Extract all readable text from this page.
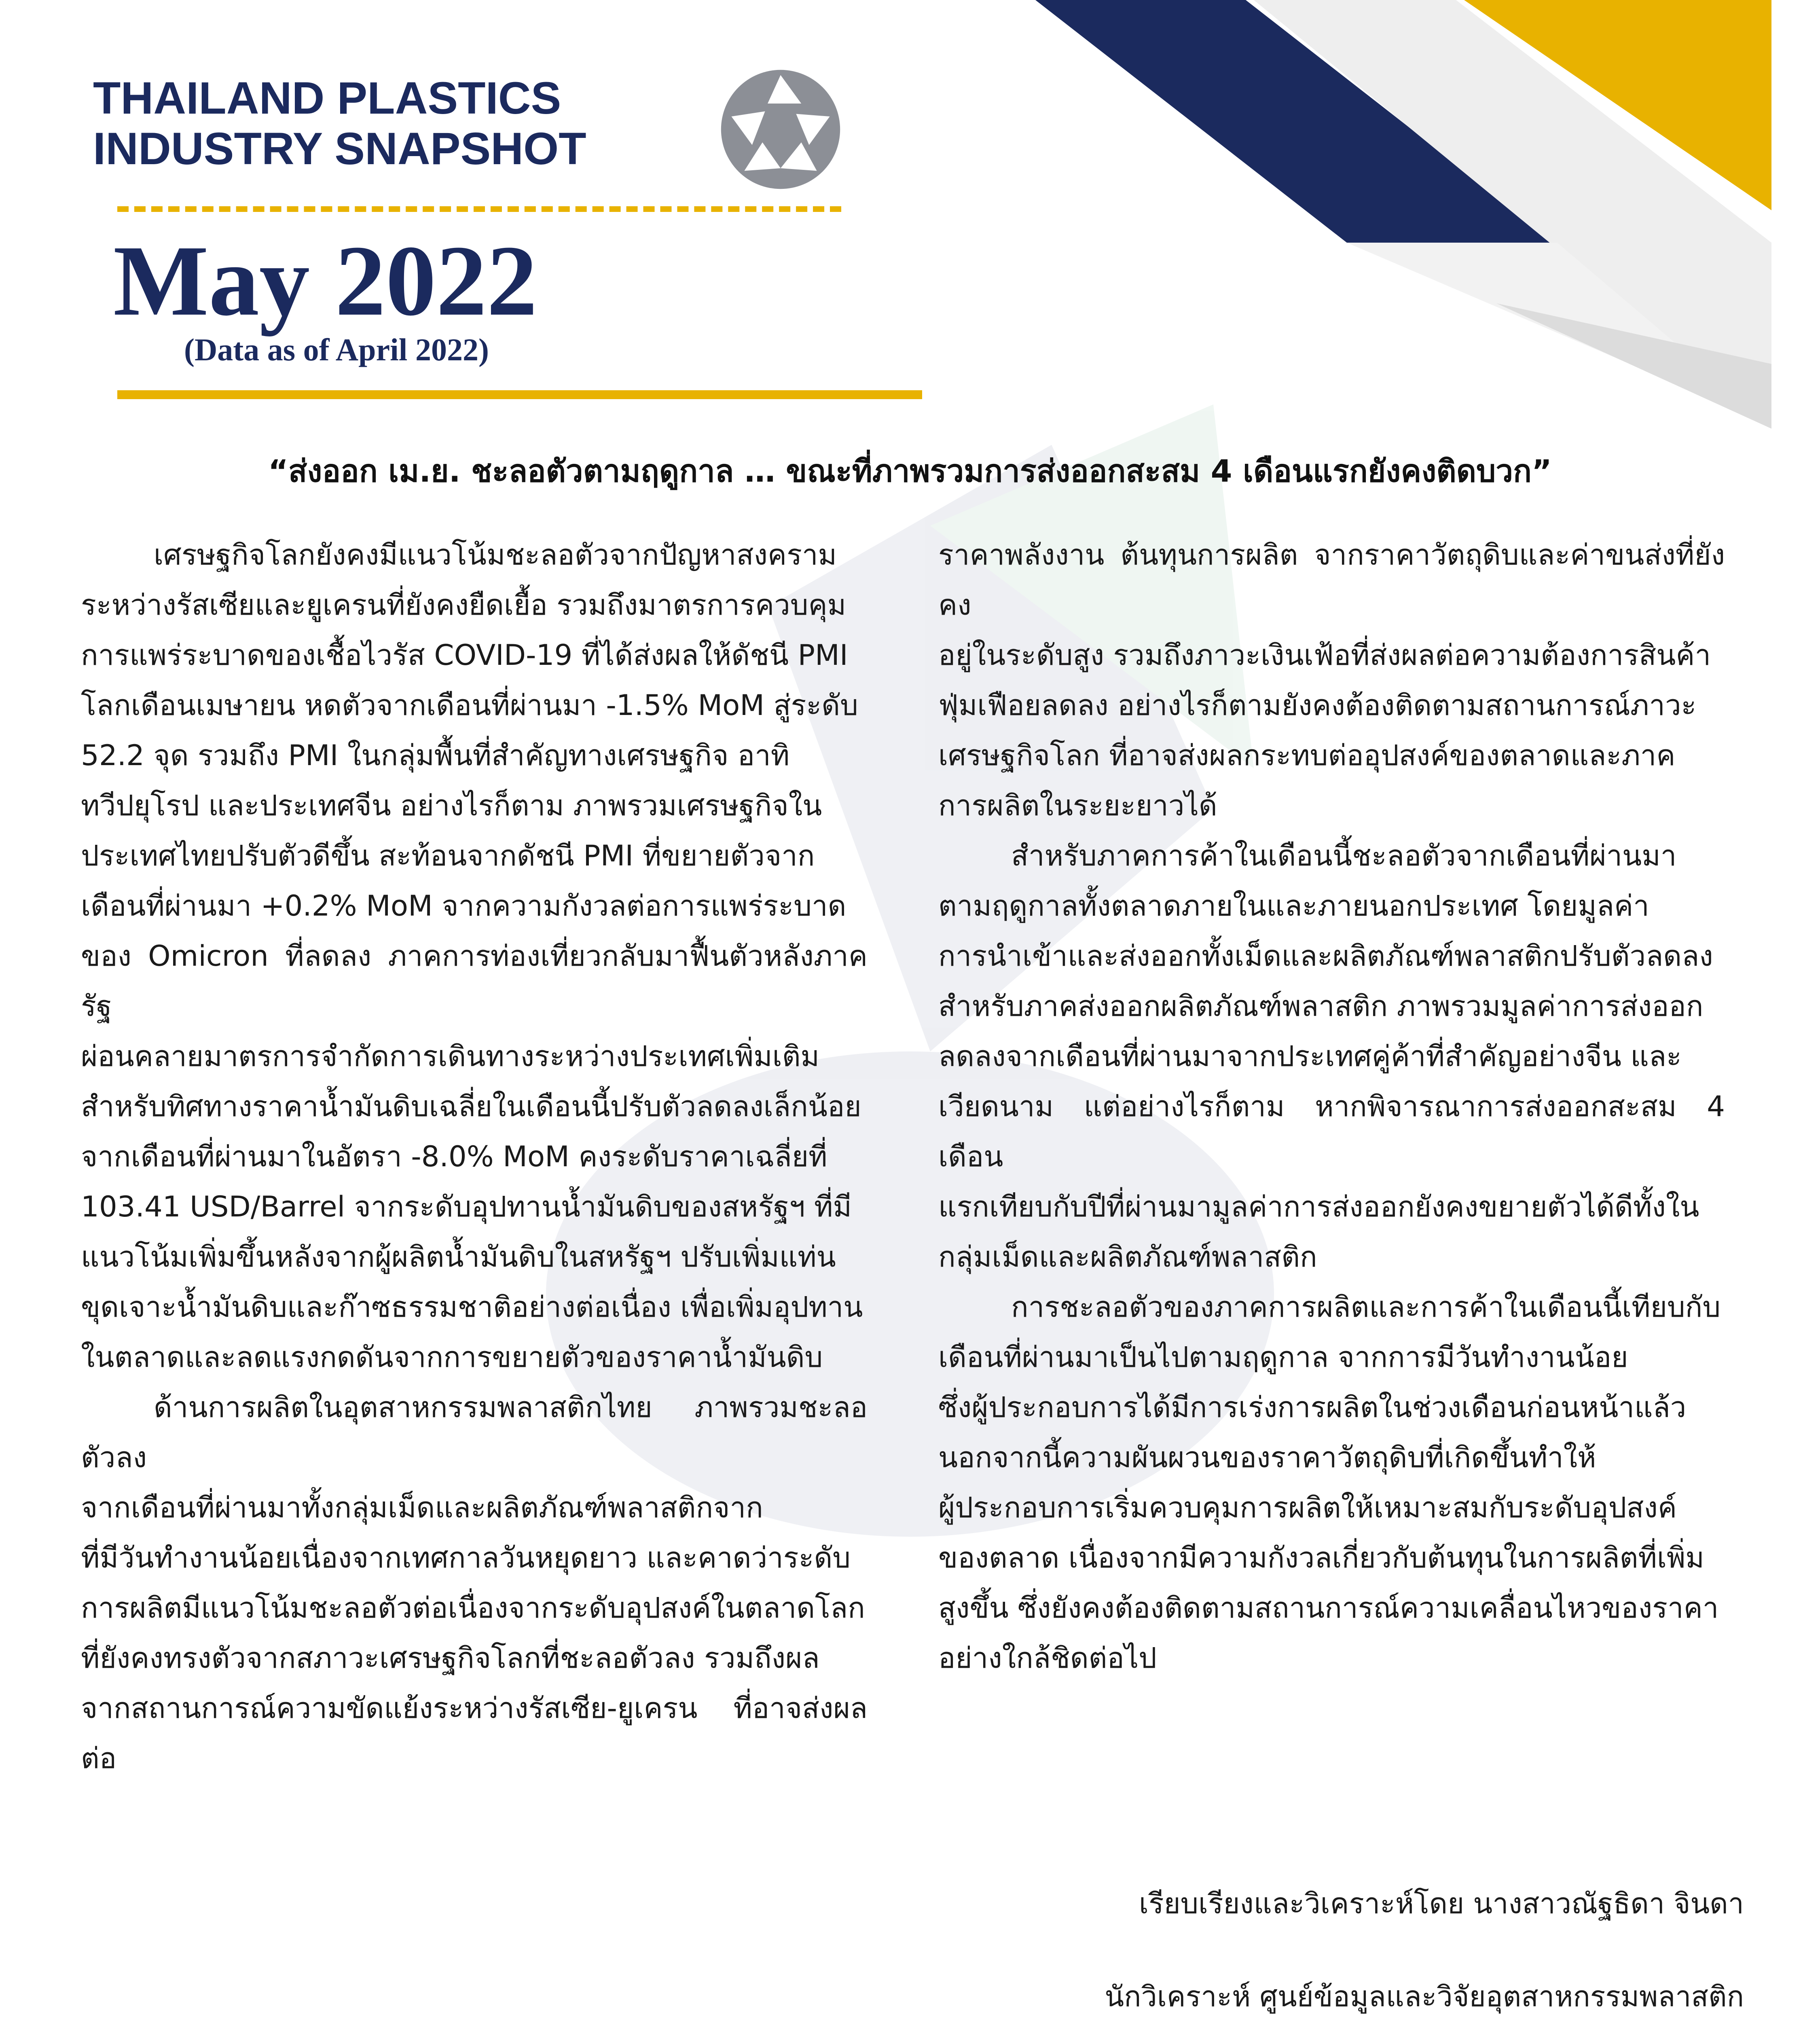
THAILAND PLASTICS
INDUSTRY SNAPSHOT
May 2022
(Data as of April 2022)
“ส่งออก เม.ย. ชะลอตัวตามฤดูกาล … ขณะที่ภาพรวมการส่งออกสะสม 4 เดือนแรกยังคงติดบวก”

เศรษฐกิจโลกยังคงมีแนวโน้มชะลอตัวจากปัญหาสงคราม
ระหว่างรัสเซียและยูเครนที่ยังคงยืดเยื้อ รวมถึงมาตรการควบคุม
การแพร่ระบาดของเชื้อไวรัส COVID-19 ที่ได้ส่งผลให้ดัชนี PMI
โลกเดือนเมษายน หดตัวจากเดือนที่ผ่านมา -1.5% MoM สู่ระดับ
52.2 จุด รวมถึง PMI ในกลุ่มพื้นที่สำคัญทางเศรษฐกิจ อาทิ
ทวีปยุโรป และประเทศจีน อย่างไรก็ตาม ภาพรวมเศรษฐกิจใน
ประเทศไทยปรับตัวดีขึ้น สะท้อนจากดัชนี PMI ที่ขยายตัวจาก
เดือนที่ผ่านมา +0.2% MoM จากความกังวลต่อการแพร่ระบาด
ของ Omicron ที่ลดลง ภาคการท่องเที่ยวกลับมาฟื้นตัวหลังภาครัฐ
ผ่อนคลายมาตรการจำกัดการเดินทางระหว่างประเทศเพิ่มเติม
สำหรับทิศทางราคาน้ำมันดิบเฉลี่ยในเดือนนี้ปรับตัวลดลงเล็กน้อย
จากเดือนที่ผ่านมาในอัตรา -8.0% MoM คงระดับราคาเฉลี่ยที่
103.41 USD/Barrel จากระดับอุปทานน้ำมันดิบของสหรัฐฯ ที่มี
แนวโน้มเพิ่มขึ้นหลังจากผู้ผลิตน้ำมันดิบในสหรัฐฯ ปรับเพิ่มแท่น
ขุดเจาะน้ำมันดิบและก๊าซธรรมชาติอย่างต่อเนื่อง เพื่อเพิ่มอุปทาน
ในตลาดและลดแรงกดดันจากการขยายตัวของราคาน้ำมันดิบ

ด้านการผลิตในอุตสาหกรรมพลาสติกไทย ภาพรวมชะลอตัวลง
จากเดือนที่ผ่านมาทั้งกลุ่มเม็ดและผลิตภัณฑ์พลาสติกจาก
ที่มีวันทำงานน้อยเนื่องจากเทศกาลวันหยุดยาว และคาดว่าระดับ
การผลิตมีแนวโน้มชะลอตัวต่อเนื่องจากระดับอุปสงค์ในตลาดโลก
ที่ยังคงทรงตัวจากสภาวะเศรษฐกิจโลกที่ชะลอตัวลง รวมถึงผล
จากสถานการณ์ความขัดแย้งระหว่างรัสเซีย-ยูเครน ที่อาจส่งผลต่อ

ราคาพลังงาน ต้นทุนการผลิต จากราคาวัตถุดิบและค่าขนส่งที่ยังคง
อยู่ในระดับสูง รวมถึงภาวะเงินเฟ้อที่ส่งผลต่อความต้องการสินค้า
ฟุ่มเฟือยลดลง อย่างไรก็ตามยังคงต้องติดตามสถานการณ์ภาวะ
เศรษฐกิจโลก ที่อาจส่งผลกระทบต่ออุปสงค์ของตลาดและภาค
การผลิตในระยะยาวได้

สำหรับภาคการค้าในเดือนนี้ชะลอตัวจากเดือนที่ผ่านมา
ตามฤดูกาลทั้งตลาดภายในและภายนอกประเทศ โดยมูลค่า
การนำเข้าและส่งออกทั้งเม็ดและผลิตภัณฑ์พลาสติกปรับตัวลดลง
สำหรับภาคส่งออกผลิตภัณฑ์พลาสติก ภาพรวมมูลค่าการส่งออก
ลดลงจากเดือนที่ผ่านมาจากประเทศคู่ค้าที่สำคัญอย่างจีน และ
เวียดนาม แต่อย่างไรก็ตาม หากพิจารณาการส่งออกสะสม 4 เดือน
แรกเทียบกับปีที่ผ่านมามูลค่าการส่งออกยังคงขยายตัวได้ดีทั้งใน
กลุ่มเม็ดและผลิตภัณฑ์พลาสติก

การชะลอตัวของภาคการผลิตและการค้าในเดือนนี้เทียบกับ
เดือนที่ผ่านมาเป็นไปตามฤดูกาล จากการมีวันทำงานน้อย
ซึ่งผู้ประกอบการได้มีการเร่งการผลิตในช่วงเดือนก่อนหน้าแล้ว
นอกจากนี้ความผันผวนของราคาวัตถุดิบที่เกิดขึ้นทำให้
ผู้ประกอบการเริ่มควบคุมการผลิตให้เหมาะสมกับระดับอุปสงค์
ของตลาด เนื่องจากมีความกังวลเกี่ยวกับต้นทุนในการผลิตที่เพิ่ม
สูงขึ้น ซึ่งยังคงต้องติดตามสถานการณ์ความเคลื่อนไหวของราคา
อย่างใกล้ชิดต่อไป

เรียบเรียงและวิเคราะห์โดย นางสาวณัฐธิดา จินดา

นักวิเคราะห์ ศูนย์ข้อมูลและวิจัยอุตสาหกรรมพลาสติก
